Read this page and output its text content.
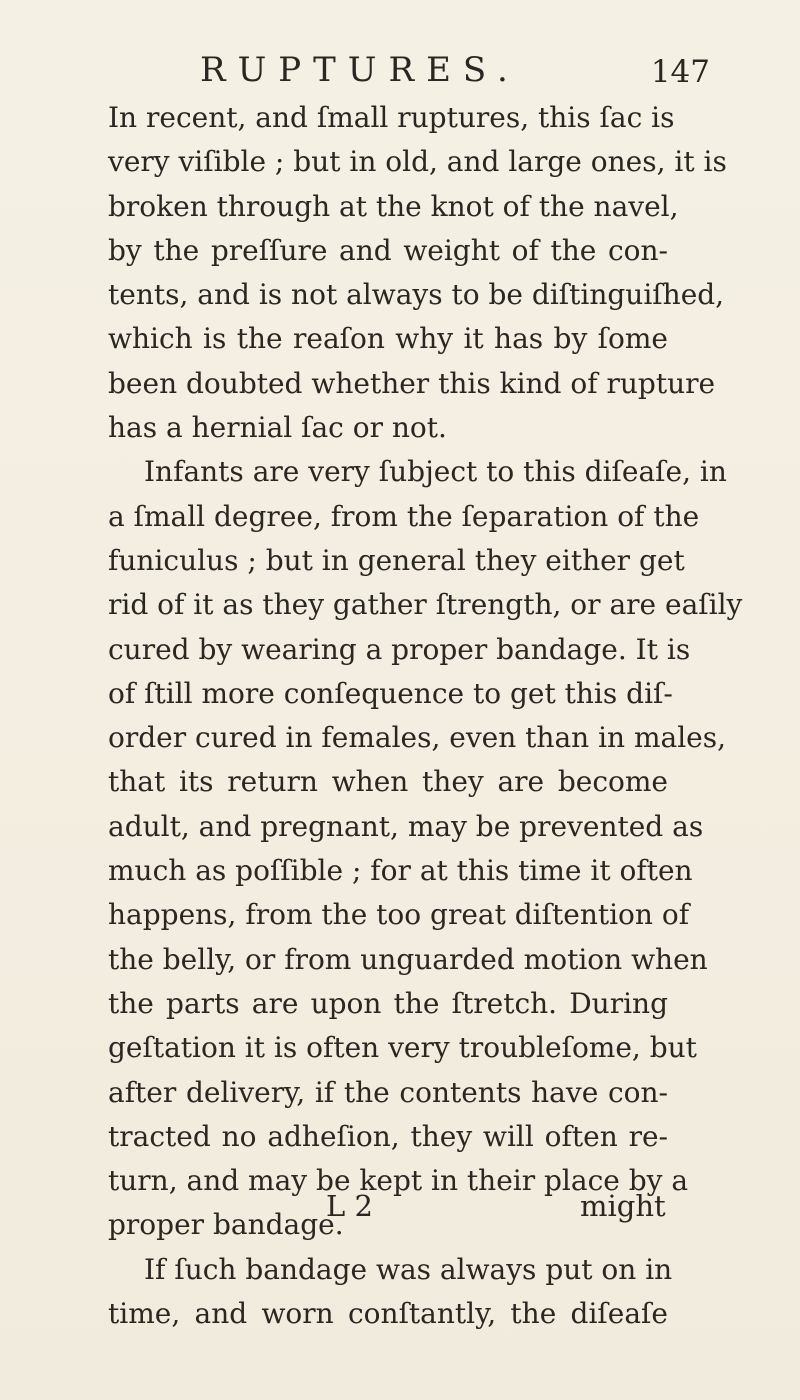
RUPTURES.	147
In recent, and ſmall ruptures, this ſac is
very viſible ; but in old, and large ones, it is
broken through at the knot of the navel,
by the preſſure and weight of the con-
tents, and is not always to be diſtinguiſhed,
which is the reaſon why it has by ſome
been doubted whether this kind of rupture
has a hernial ſac or not.
Infants are very ſubject to this diſeaſe, in
a ſmall degree, from the ſeparation of the
funiculus ; but in general they either get
rid of it as they gather ſtrength, or are eaſily
cured by wearing a proper bandage. It is
of ſtill more conſequence to get this diſ-
order cured in females, even than in males,
that its return when they are become
adult, and pregnant, may be prevented as
much as poſſible ; for at this time it often
happens, from the too great diſtention of
the belly, or from unguarded motion when
the parts are upon the ſtretch. During
geſtation it is often very troubleſome, but
after delivery, if the contents have con-
tracted no adheſion, they will often re-
turn, and may be kept in their place by a
proper bandage.
If ſuch bandage was always put on in
time, and worn conſtantly, the diſeaſe
L 2	might
